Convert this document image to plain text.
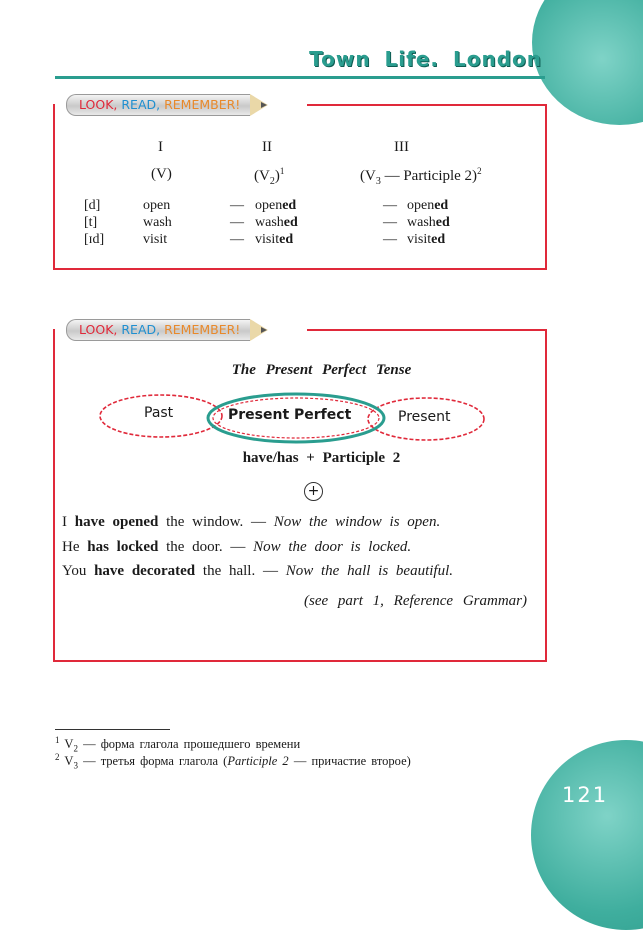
Town Life. London
LOOK, READ, REMEMBER!
I	II	III
(V)	$(V_2)^1$	($V_3$ — Participle 2)$^2$
[d]	open	— opened	— opened
[t]	wash	— washed	— washed
[ɪd]	visit	— visited	— visited
LOOK, READ, REMEMBER!
The Present Perfect Tense
Past	Present Perfect	Present
have/has + Participle 2
+
I have opened the window. — Now the window is open.
He has locked the door. — Now the door is locked.
You have decorated the hall. — Now the hall is beautiful.
(see part 1, Reference Grammar)
$^1$ $V_2$ — форма глагола прошедшего времени
$^2$ $V_3$ — третья форма глагола (Participle 2 — причастие второе)
121
